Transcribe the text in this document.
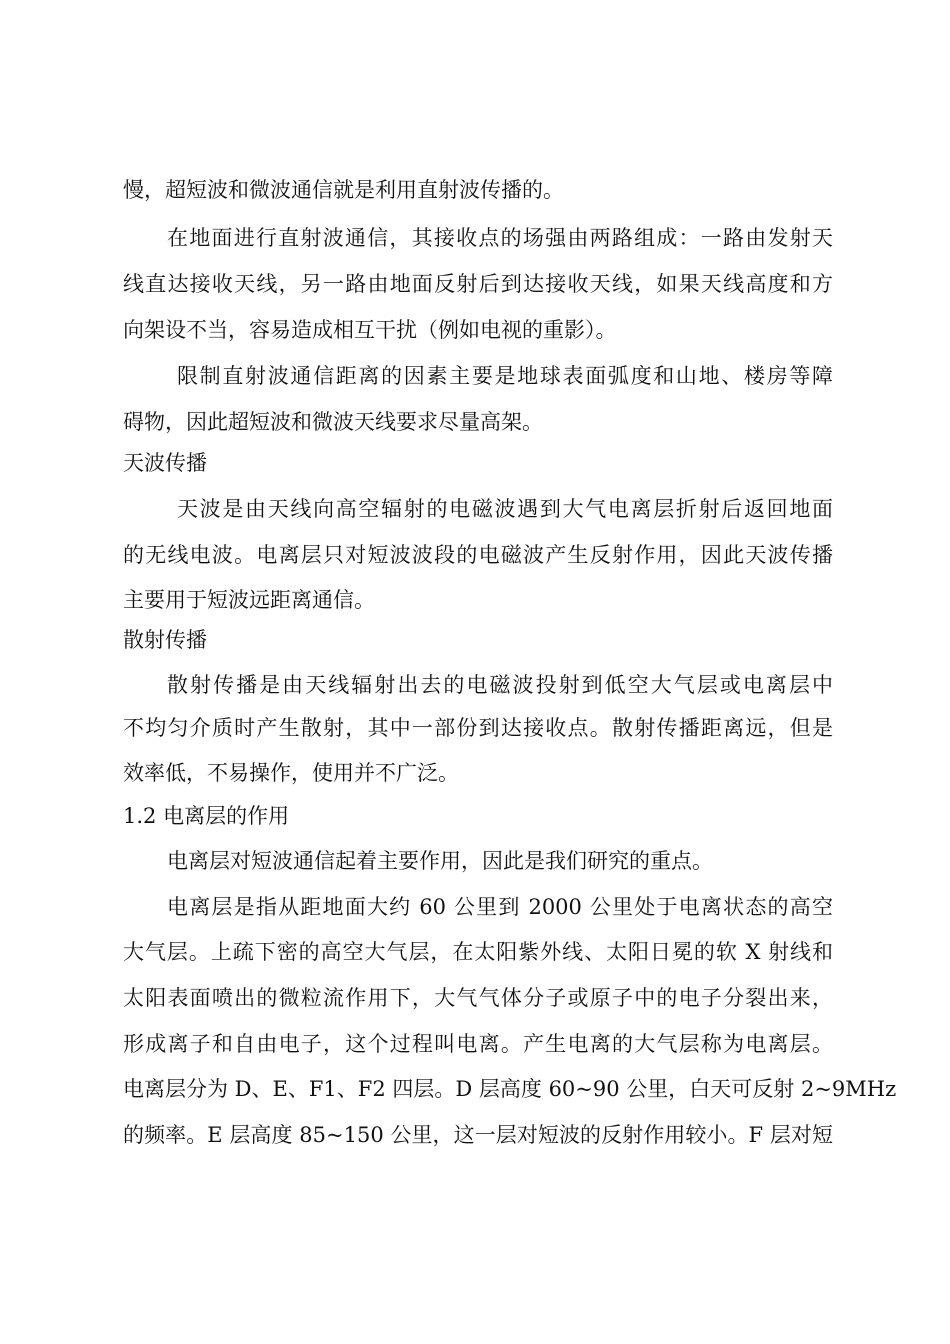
慢，超短波和微波通信就是利用直射波传播的。

在地面进行直射波通信，其接收点的场强由两路组成：一路由发射天

线直达接收天线，另一路由地面反射后到达接收天线，如果天线高度和方

向架设不当，容易造成相互干扰（例如电视的重影）。

限制直射波通信距离的因素主要是地球表面弧度和山地、楼房等障

碍物，因此超短波和微波天线要求尽量高架。

天波传播

天波是由天线向高空辐射的电磁波遇到大气电离层折射后返回地面

的无线电波。电离层只对短波波段的电磁波产生反射作用，因此天波传播

主要用于短波远距离通信。

散射传播

散射传播是由天线辐射出去的电磁波投射到低空大气层或电离层中

不均匀介质时产生散射，其中一部份到达接收点。散射传播距离远，但是

效率低，不易操作，使用并不广泛。

1.2 电离层的作用

电离层对短波通信起着主要作用，因此是我们研究的重点。

电离层是指从距地面大约 60 公里到 2000 公里处于电离状态的高空

大气层。上疏下密的高空大气层，在太阳紫外线、太阳日冕的软 X 射线和

太阳表面喷出的微粒流作用下，大气气体分子或原子中的电子分裂出来，

形成离子和自由电子，这个过程叫电离。产生电离的大气层称为电离层。

电离层分为 D、E、F1、F2 四层。D 层高度 60~90 公里，白天可反射 2~9MHz

的频率。E 层高度 85~150 公里，这一层对短波的反射作用较小。F 层对短
